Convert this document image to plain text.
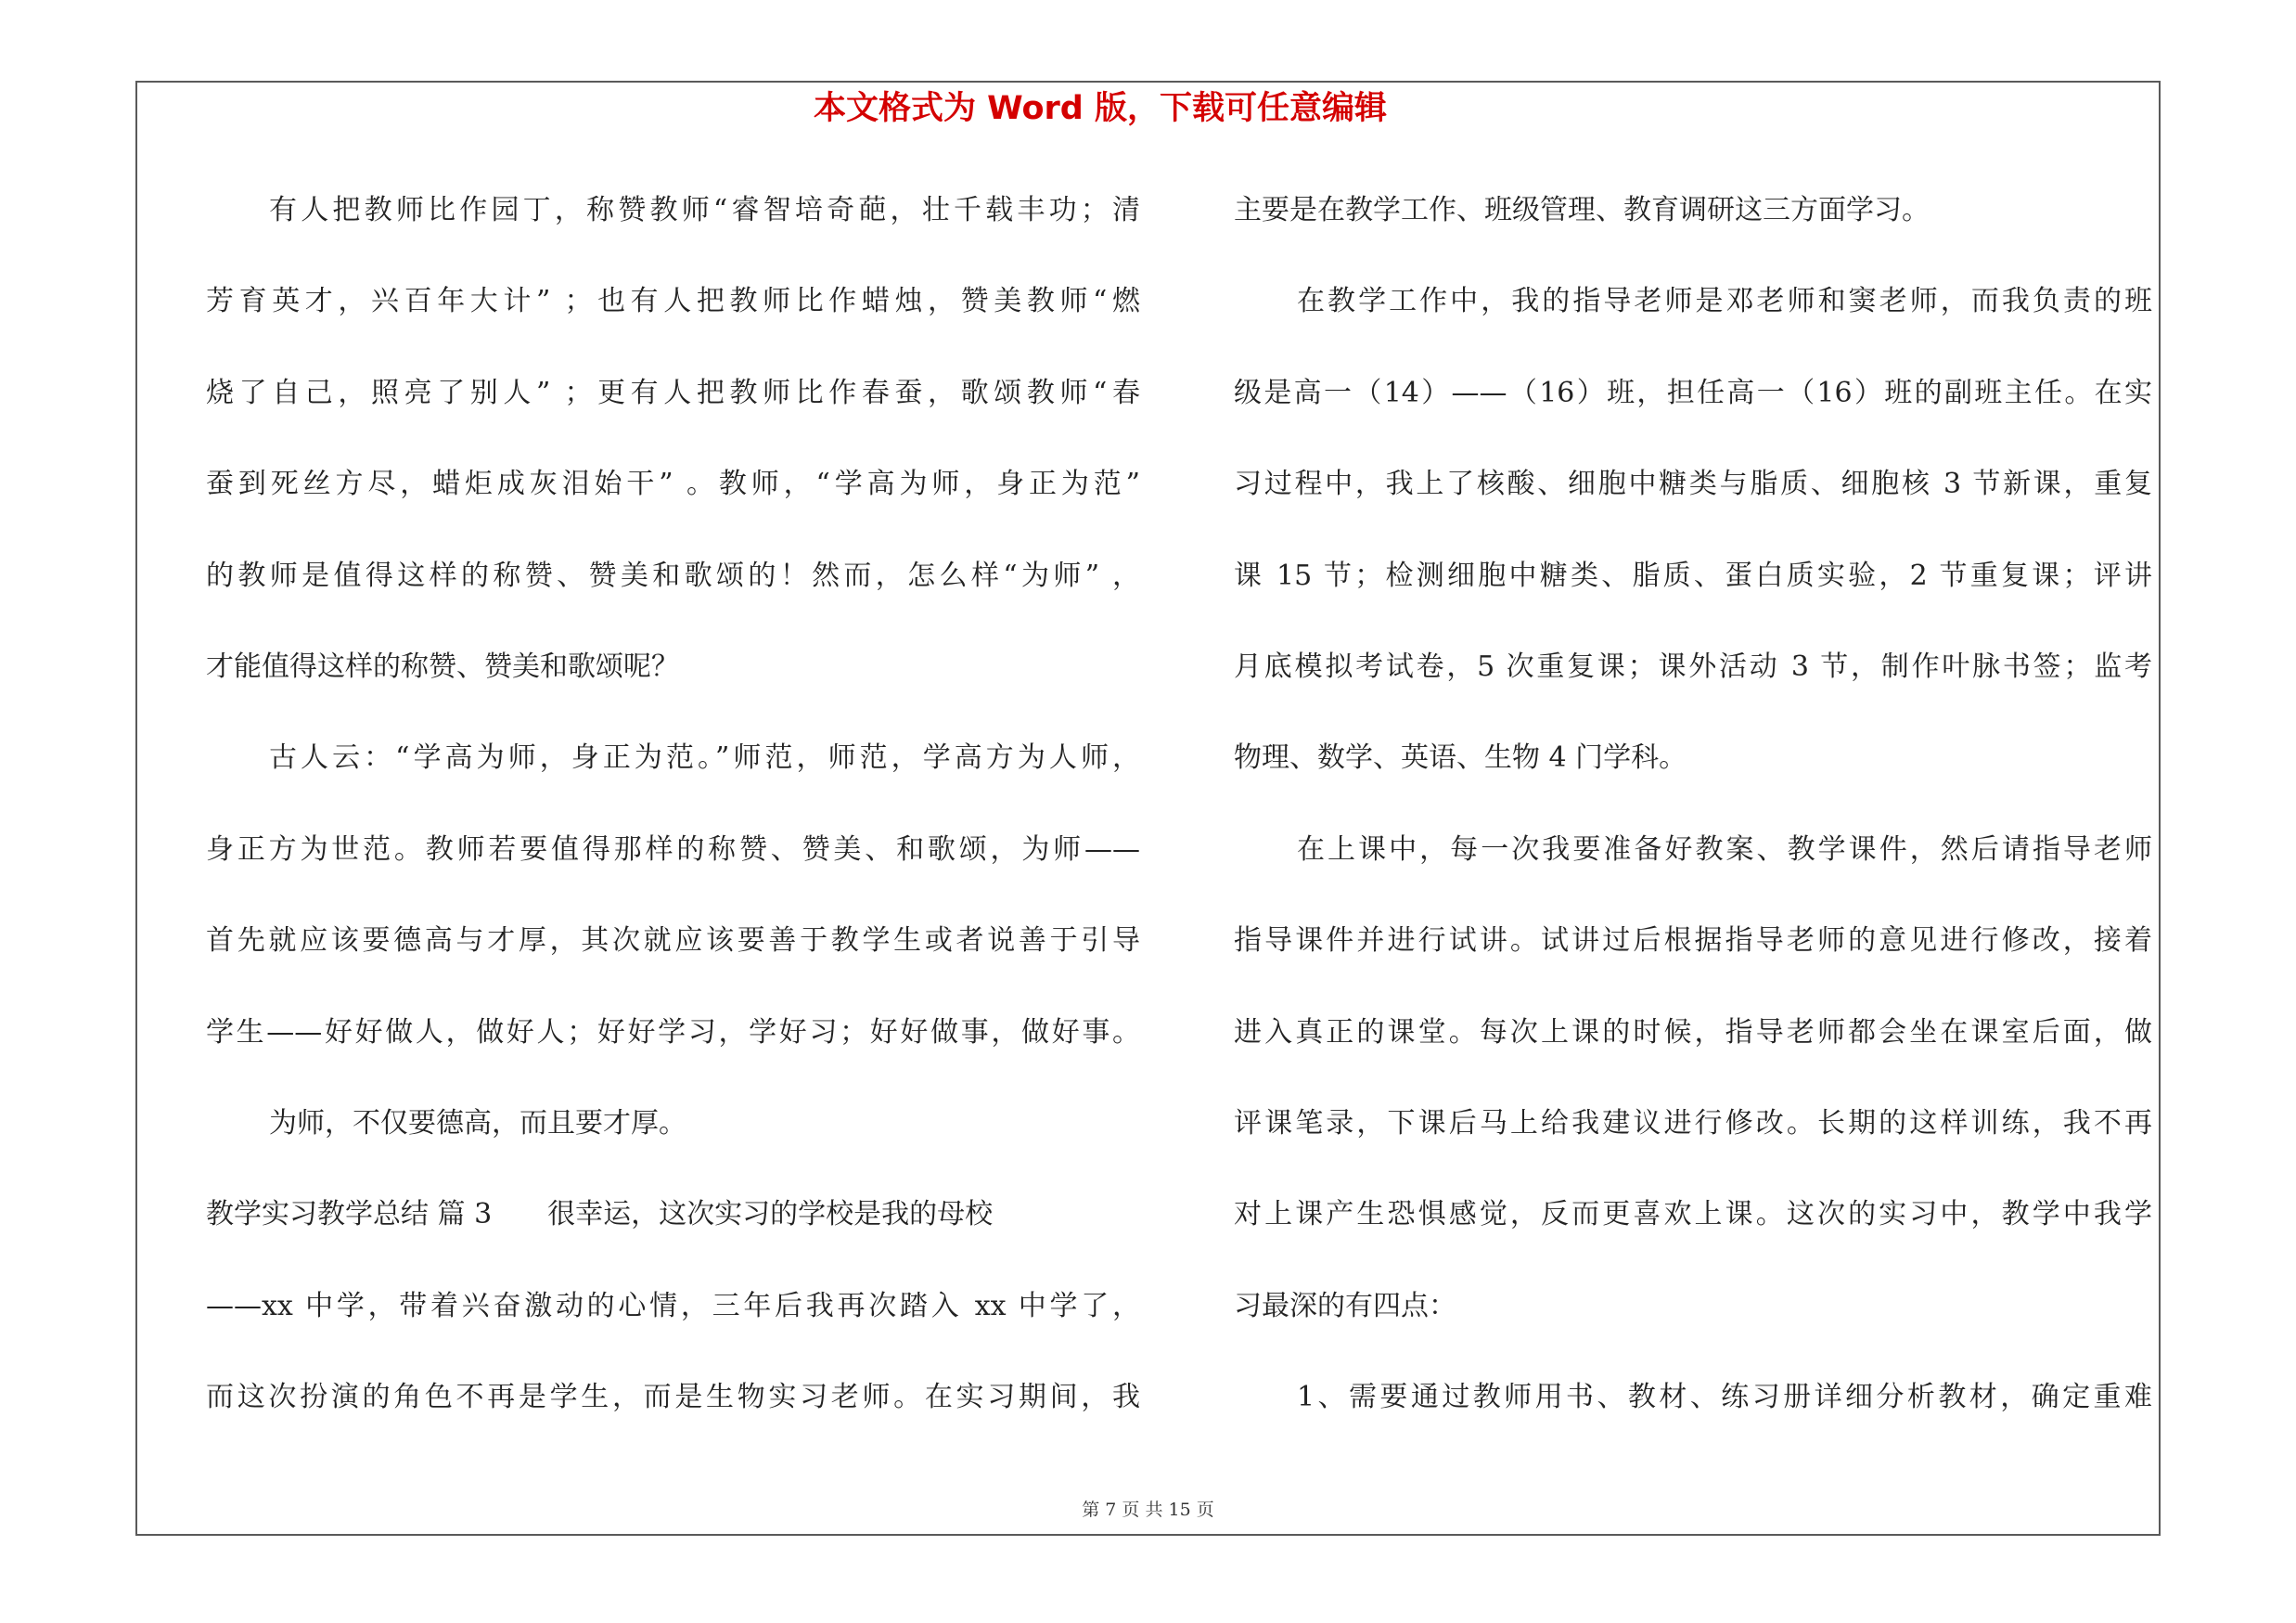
本文格式为 Word 版，下载可任意编辑
有人把教师比作园丁，称赞教师“睿智培奇葩，壮千载丰功；清
芳育英才，兴百年大计” ；也有人把教师比作蜡烛，赞美教师“燃
烧了自己，照亮了别人” ；更有人把教师比作春蚕，歌颂教师“春
蚕到死丝方尽，蜡炬成灰泪始干” 。教师，“学高为师，身正为范”
的教师是值得这样的称赞、赞美和歌颂的！然而，怎么样“为师” ，
才能值得这样的称赞、赞美和歌颂呢？
古人云：“学高为师，身正为范。”师范，师范，学高方为人师，
身正方为世范。教师若要值得那样的称赞、赞美、和歌颂，为师——
首先就应该要德高与才厚，其次就应该要善于教学生或者说善于引导
学生——好好做人，做好人；好好学习，学好习；好好做事，做好事。
为师，不仅要德高，而且要才厚。
教学实习教学总结 篇 3　　很幸运，这次实习的学校是我的母校
——xx 中学，带着兴奋激动的心情，三年后我再次踏入 xx 中学了，
而这次扮演的角色不再是学生，而是生物实习老师。在实习期间，我
主要是在教学工作、班级管理、教育调研这三方面学习。
在教学工作中，我的指导老师是邓老师和窦老师，而我负责的班
级是高一（14）——（16）班，担任高一（16）班的副班主任。在实
习过程中，我上了核酸、细胞中糖类与脂质、细胞核 3 节新课，重复
课 15 节；检测细胞中糖类、脂质、蛋白质实验，2 节重复课；评讲
月底模拟考试卷，5 次重复课；课外活动 3 节，制作叶脉书签；监考
物理、数学、英语、生物 4 门学科。
在上课中，每一次我要准备好教案、教学课件，然后请指导老师
指导课件并进行试讲。试讲过后根据指导老师的意见进行修改，接着
进入真正的课堂。每次上课的时候，指导老师都会坐在课室后面，做
评课笔录，下课后马上给我建议进行修改。长期的这样训练，我不再
对上课产生恐惧感觉，反而更喜欢上课。这次的实习中，教学中我学
习最深的有四点：
1、需要通过教师用书、教材、练习册详细分析教材，确定重难
第 7 页 共 15 页
